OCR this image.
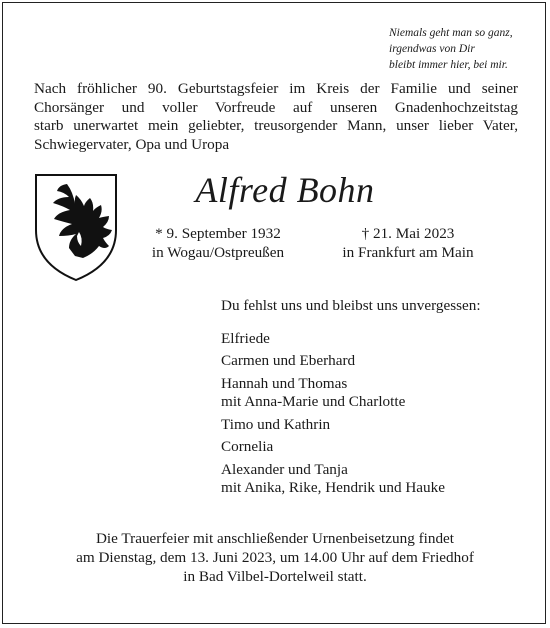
Niemals geht man so ganz,
irgendwas von Dir
bleibt immer hier, bei mir.
Nach fröhlicher 90. Geburtstagsfeier im Kreis der Familie und seiner
Chorsänger und voller Vorfreude auf unseren Gnadenhochzeitstag
starb unerwartet mein geliebter, treusorgender Mann, unser lieber Vater,
Schwiegervater, Opa und Uropa
Alfred Bohn
* 9. September 1932
in Wogau/Ostpreußen
† 21. Mai 2023
in Frankfurt am Main
Du fehlst uns und bleibst uns unvergessen:
Elfriede
Carmen und Eberhard
Hannah und Thomas
mit Anna-Marie und Charlotte
Timo und Kathrin
Cornelia
Alexander und Tanja
mit Anika, Rike, Hendrik und Hauke
Die Trauerfeier mit anschließender Urnenbeisetzung findet
am Dienstag, dem 13. Juni 2023, um 14.00 Uhr auf dem Friedhof
in Bad Vilbel-Dortelweil statt.
